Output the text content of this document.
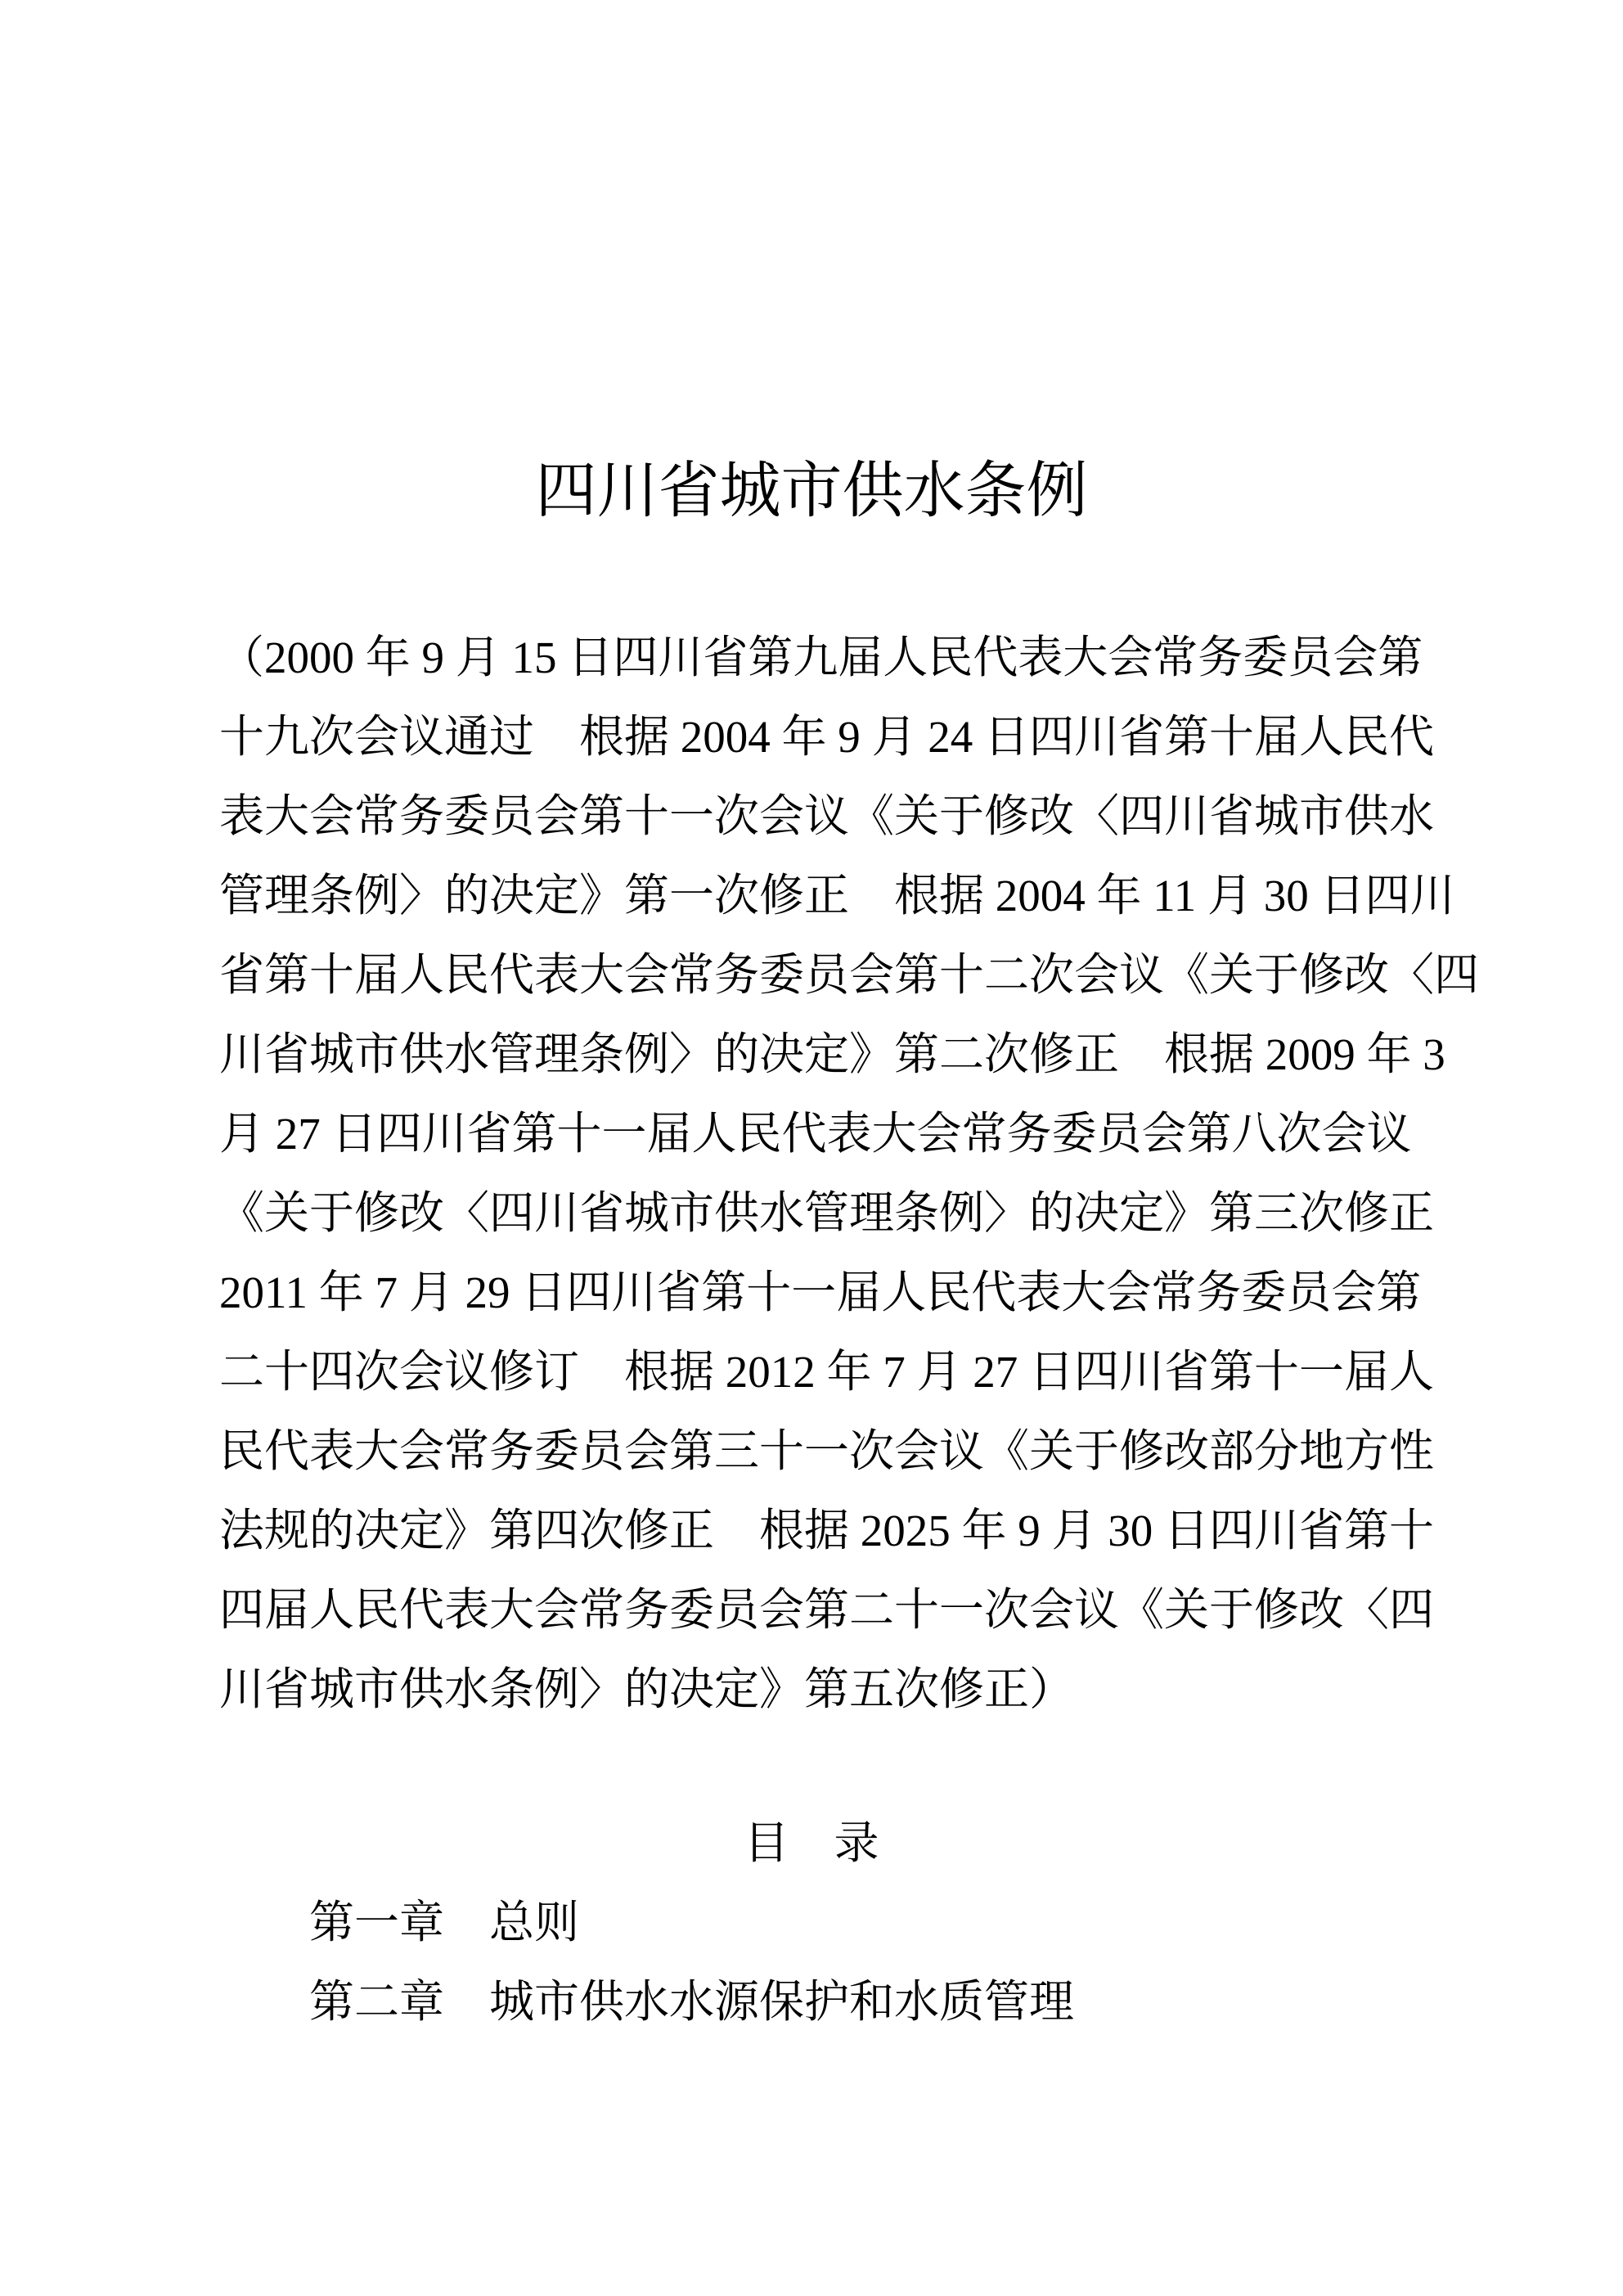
四川省城市供水条例
（2000 年 9 月 15 日四川省第九届人民代表大会常务委员会第
十九次会议通过　根据 2004 年 9 月 24 日四川省第十届人民代
表大会常务委员会第十一次会议《关于修改〈四川省城市供水
管理条例〉的决定》第一次修正　根据 2004 年 11 月 30 日四川
省第十届人民代表大会常务委员会第十二次会议《关于修改〈四
川省城市供水管理条例〉的决定》第二次修正　根据 2009 年 3
月 27 日四川省第十一届人民代表大会常务委员会第八次会议
《关于修改〈四川省城市供水管理条例〉的决定》第三次修正
2011 年 7 月 29 日四川省第十一届人民代表大会常务委员会第
二十四次会议修订　根据 2012 年 7 月 27 日四川省第十一届人
民代表大会常务委员会第三十一次会议《关于修改部分地方性
法规的决定》第四次修正　根据 2025 年 9 月 30 日四川省第十
四届人民代表大会常务委员会第二十一次会议《关于修改〈四
川省城市供水条例〉的决定》第五次修正）
目　录
第一章　总则
第二章　城市供水水源保护和水质管理
